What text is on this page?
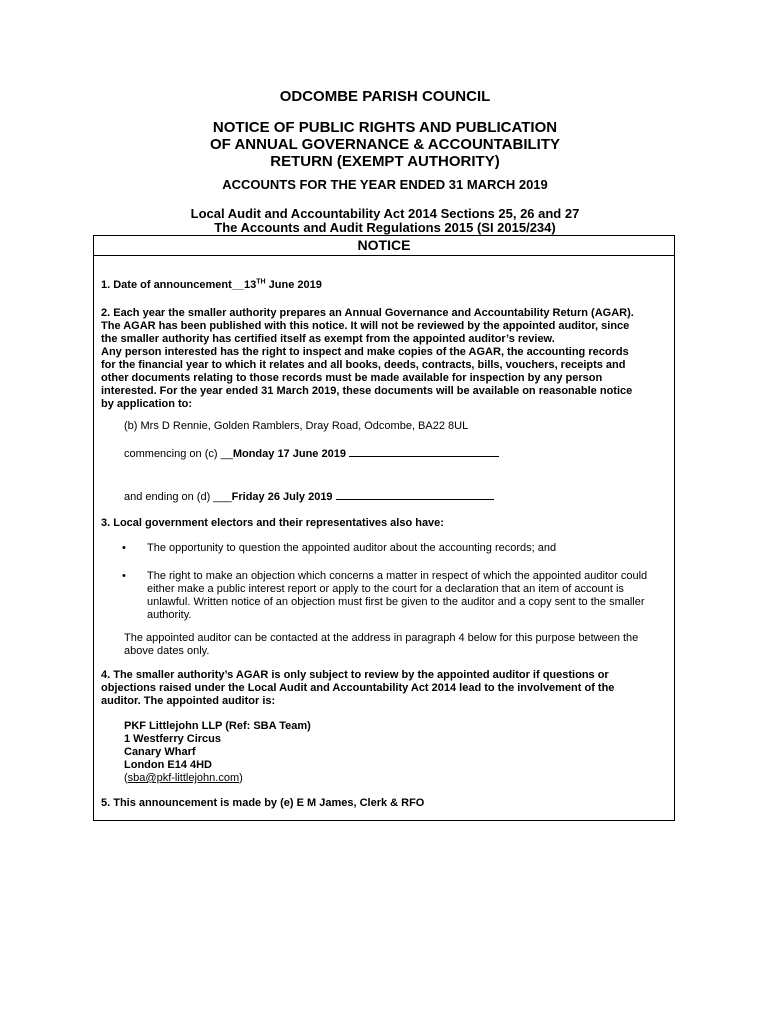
ODCOMBE PARISH COUNCIL
NOTICE OF PUBLIC RIGHTS AND PUBLICATION
OF ANNUAL GOVERNANCE & ACCOUNTABILITY
RETURN (EXEMPT AUTHORITY)
ACCOUNTS FOR THE YEAR ENDED 31 MARCH 2019
Local Audit and Accountability Act 2014 Sections 25, 26 and 27
The Accounts and Audit Regulations 2015 (SI 2015/234)
NOTICE
1. Date of announcement__13TH June 2019
2. Each year the smaller authority prepares an Annual Governance and Accountability Return (AGAR).
The AGAR has been published with this notice. It will not be reviewed by the appointed auditor, since
the smaller authority has certified itself as exempt from the appointed auditor’s review.
Any person interested has the right to inspect and make copies of the AGAR, the accounting records
for the financial year to which it relates and all books, deeds, contracts, bills, vouchers, receipts and
other documents relating to those records must be made available for inspection by any person
interested. For the year ended 31 March 2019, these documents will be available on reasonable notice
by application to:
(b) Mrs D Rennie, Golden Ramblers, Dray Road, Odcombe, BA22 8UL
commencing on (c) __Monday 17 June 2019
and ending on (d) ___Friday 26 July 2019
3. Local government electors and their representatives also have:
• The opportunity to question the appointed auditor about the accounting records; and
• The right to make an objection which concerns a matter in respect of which the appointed auditor could
either make a public interest report or apply to the court for a declaration that an item of account is
unlawful. Written notice of an objection must first be given to the auditor and a copy sent to the smaller
authority.
The appointed auditor can be contacted at the address in paragraph 4 below for this purpose between the
above dates only.
4. The smaller authority’s AGAR is only subject to review by the appointed auditor if questions or
objections raised under the Local Audit and Accountability Act 2014 lead to the involvement of the
auditor. The appointed auditor is:
PKF Littlejohn LLP (Ref: SBA Team)
1 Westferry Circus
Canary Wharf
London E14 4HD
(sba@pkf-littlejohn.com)
5. This announcement is made by (e) E M James, Clerk & RFO
